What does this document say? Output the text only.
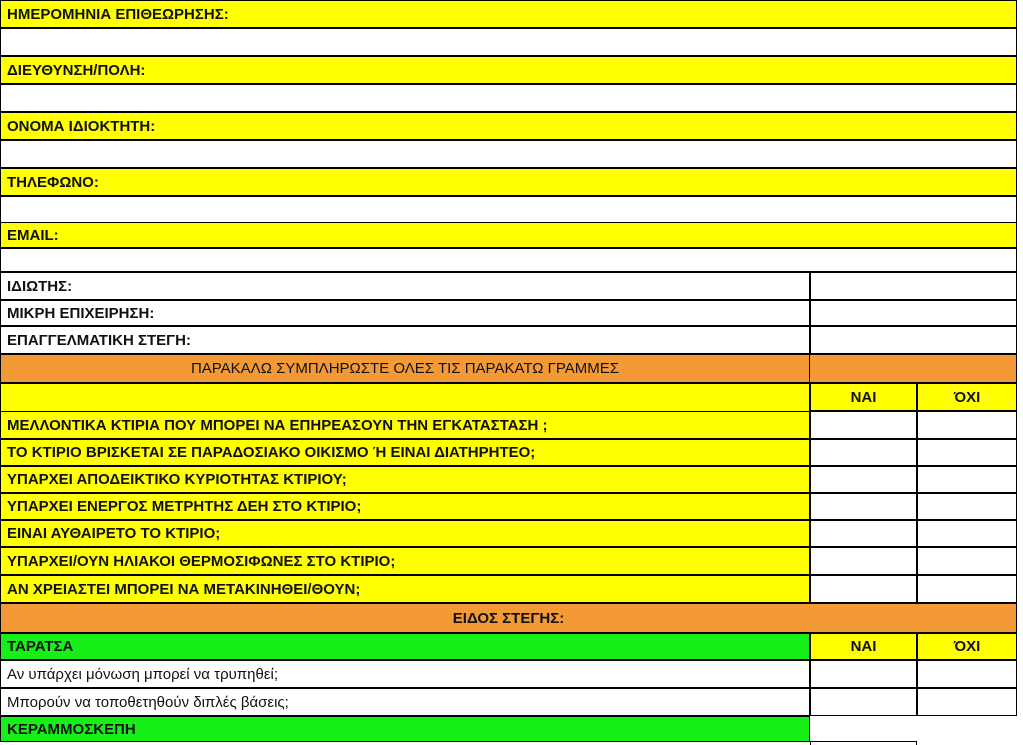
ΗΜΕΡΟΜΗΝΙΑ ΕΠΙΘΕΩΡΗΣΗΣ:
ΔΙΕΥΘΥΝΣΗ/ΠΟΛΗ:
ΟΝΟΜΑ ΙΔΙΟΚΤΗΤΗ:
ΤΗΛΕΦΩΝΟ:
EMAIL:
ΙΔΙΩΤΗΣ:
ΜΙΚΡΗ ΕΠΙΧΕΙΡΗΣΗ:
ΕΠΑΓΓΕΛΜΑΤΙΚΗ ΣΤΕΓΗ:
ΠΑΡΑΚΑΛΩ ΣΥΜΠΛΗΡΩΣΤΕ ΟΛΕΣ ΤΙΣ ΠΑΡΑΚΑΤΩ ΓΡΑΜΜΕΣ
ΝΑΙ	ΌΧΙ
ΜΕΛΛΟΝΤΙΚΑ ΚΤΙΡΙΑ ΠΟΥ ΜΠΟΡΕΙ ΝΑ ΕΠΗΡΕΑΣΟΥΝ ΤΗΝ ΕΓΚΑΤΑΣΤΑΣΗ ;
ΤΟ ΚΤΙΡΙΟ ΒΡΙΣΚΕΤΑΙ ΣΕ ΠΑΡΑΔΟΣΙΑΚΟ ΟΙΚΙΣΜΟ Ή ΕΙΝΑΙ ΔΙΑΤΗΡΗΤΕΟ;
ΥΠΑΡΧΕΙ ΑΠΟΔΕΙΚΤΙΚΟ ΚΥΡΙΟΤΗΤΑΣ ΚΤΙΡΙΟΥ;
ΥΠΑΡΧΕΙ ΕΝΕΡΓΟΣ ΜΕΤΡΗΤΗΣ ΔΕΗ ΣΤΟ ΚΤΙΡΙΟ;
ΕΙΝΑΙ ΑΥΘΑΙΡΕΤΟ ΤΟ ΚΤΙΡΙΟ;
ΥΠΑΡΧΕΙ/ΟΥΝ ΗΛΙΑΚΟΙ ΘΕΡΜΟΣΙΦΩΝΕΣ ΣΤΟ ΚΤΙΡΙΟ;
ΑΝ ΧΡΕΙΑΣΤΕΙ ΜΠΟΡΕΙ ΝΑ ΜΕΤΑΚΙΝΗΘΕΙ/ΘΟΥΝ;
ΕΙΔΟΣ ΣΤΕΓΗΣ:
ΤΑΡΑΤΣΑ	ΝΑΙ	ΌΧΙ
Αν υπάρχει μόνωση μπορεί να τρυπηθεί;
Μπορούν να τοποθετηθούν διπλές βάσεις;
ΚΕΡΑΜΜΟΣΚΕΠΗ
